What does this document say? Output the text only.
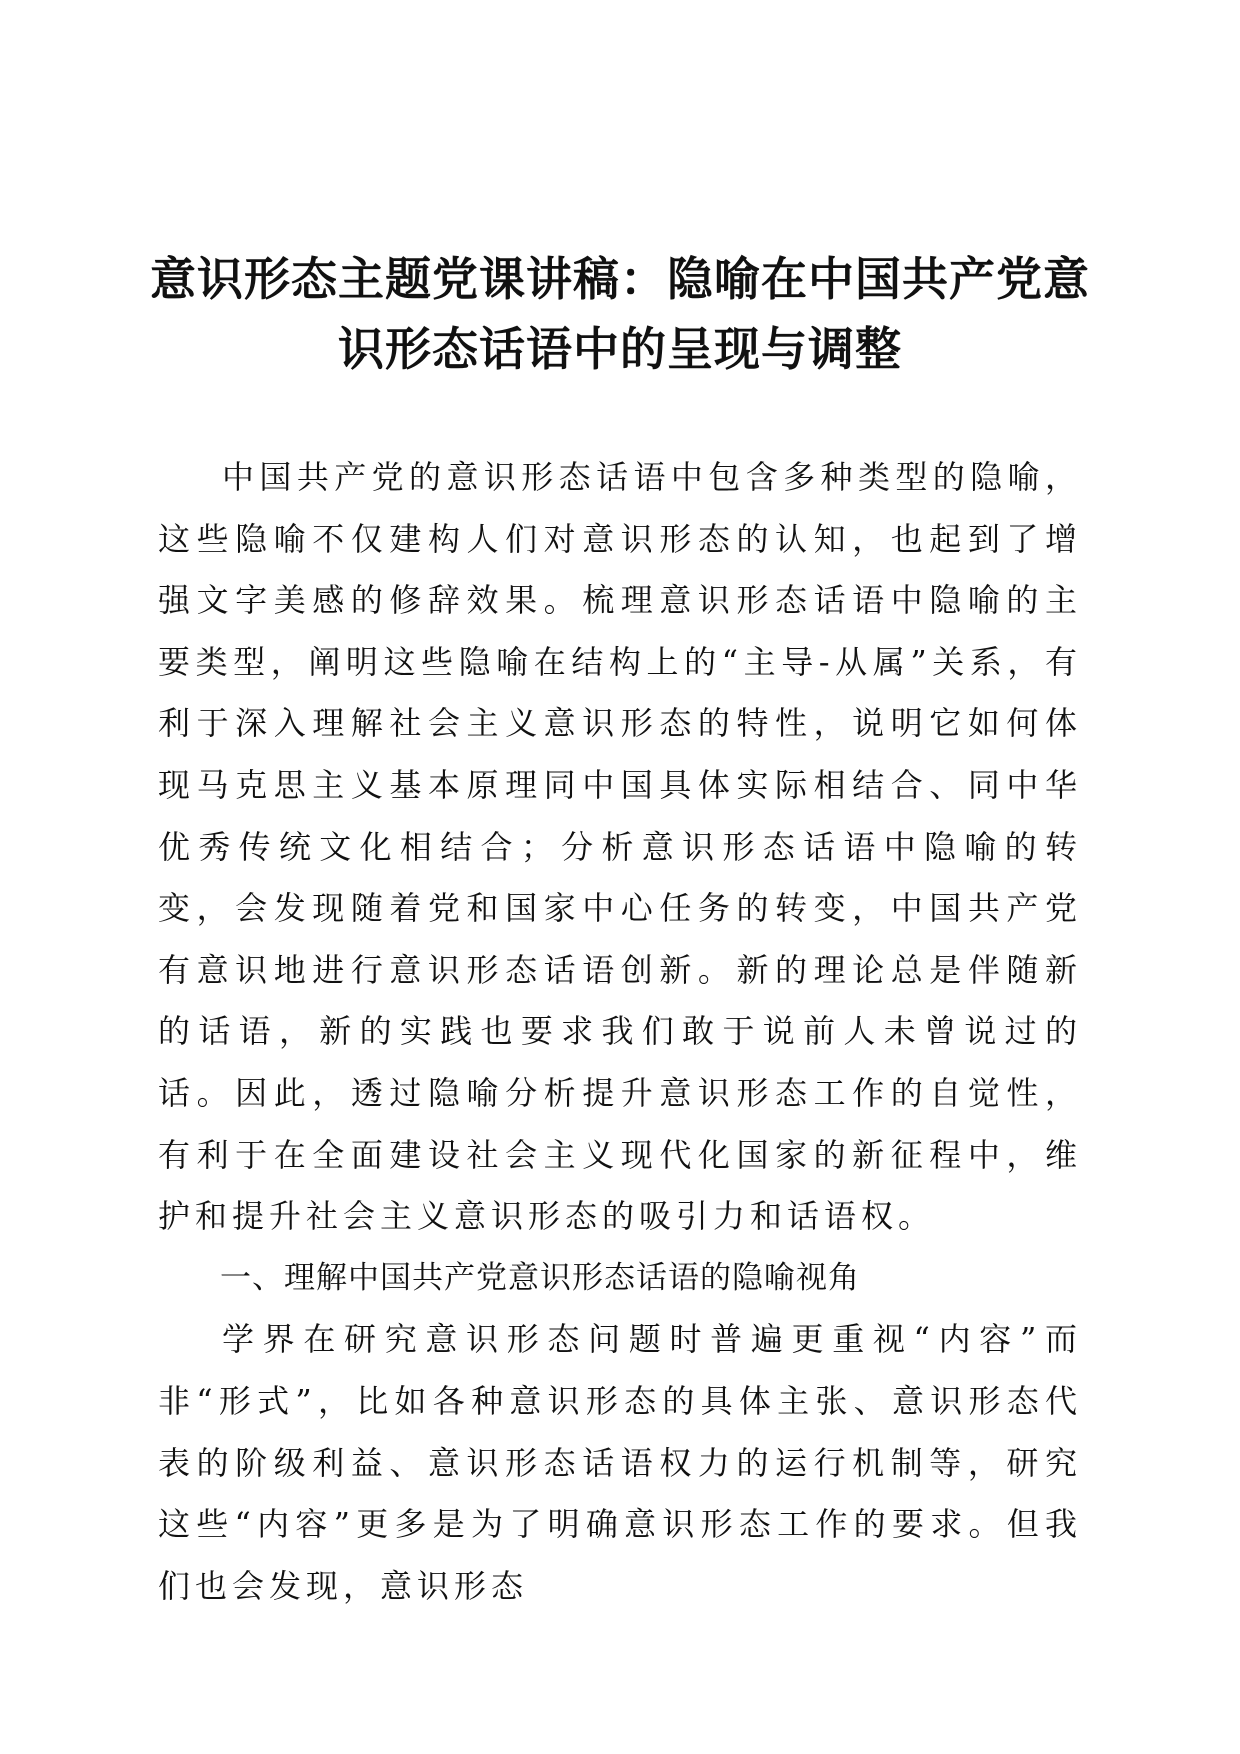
意识形态主题党课讲稿：隐喻在中国共产党意
识形态话语中的呈现与调整

中国共产党的意识形态话语中包含多种类型的隐喻，这些隐喻不仅建构人们对意识形态的认知，也起到了增强文字美感的修辞效果。梳理意识形态话语中隐喻的主要类型，阐明这些隐喻在结构上的“主导-从属”关系，有利于深入理解社会主义意识形态的特性，说明它如何体现马克思主义基本原理同中国具体实际相结合、同中华优秀传统文化相结合；分析意识形态话语中隐喻的转变，会发现随着党和国家中心任务的转变，中国共产党有意识地进行意识形态话语创新。新的理论总是伴随新的话语，新的实践也要求我们敢于说前人未曾说过的话。因此，透过隐喻分析提升意识形态工作的自觉性，有利于在全面建设社会主义现代化国家的新征程中，维护和提升社会主义意识形态的吸引力和话语权。

一、理解中国共产党意识形态话语的隐喻视角

学界在研究意识形态问题时普遍更重视“内容”而非“形式”，比如各种意识形态的具体主张、意识形态代表的阶级利益、意识形态话语权力的运行机制等，研究这些“内容”更多是为了明确意识形态工作的要求。但我们也会发现，意识形态
